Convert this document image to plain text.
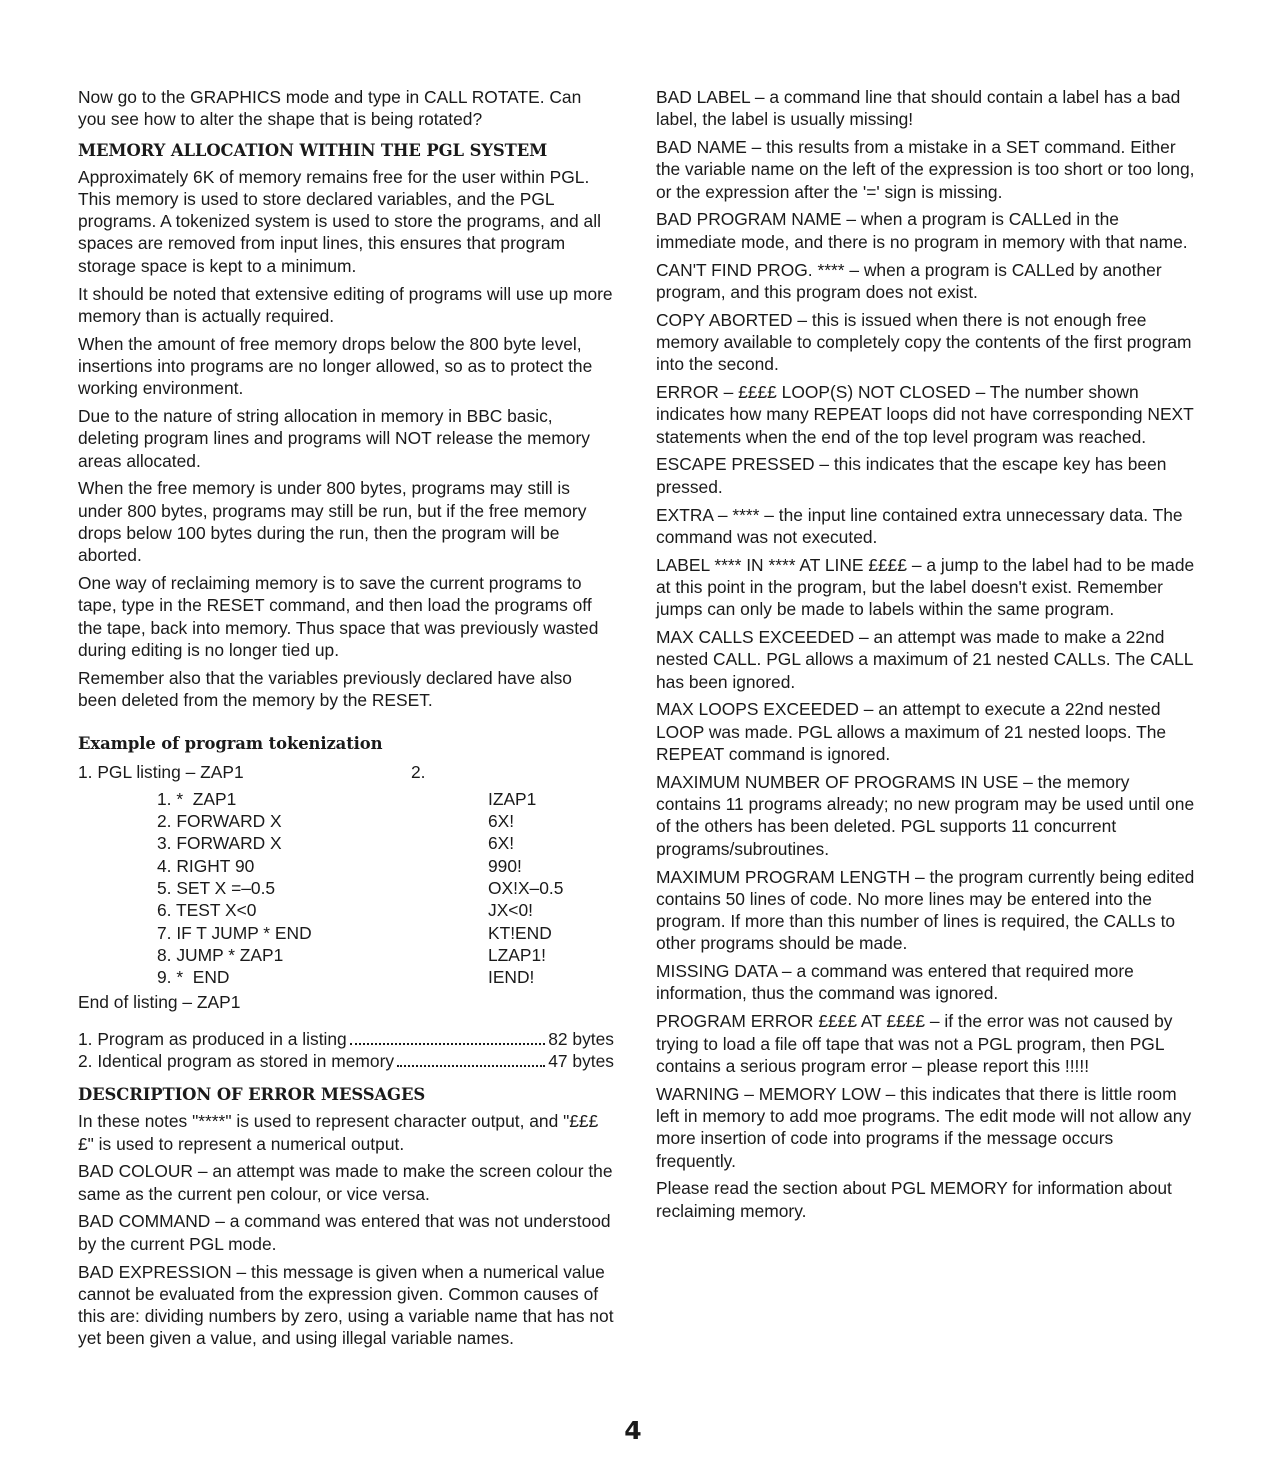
Now go to the GRAPHICS mode and type in CALL ROTATE. Can you see how to alter the shape that is being rotated?

MEMORY ALLOCATION WITHIN THE PGL SYSTEM

Approximately 6K of memory remains free for the user within PGL. This memory is used to store declared variables, and the PGL programs. A tokenized system is used to store the programs, and all spaces are removed from input lines, this ensures that program storage space is kept to a minimum.

It should be noted that extensive editing of programs will use up more memory than is actually required.

When the amount of free memory drops below the 800 byte level, insertions into programs are no longer allowed, so as to protect the working environment.

Due to the nature of string allocation in memory in BBC basic, deleting program lines and programs will NOT release the memory areas allocated.

When the free memory is under 800 bytes, programs may still is under 800 bytes, programs may still be run, but if the free memory drops below 100 bytes during the run, then the program will be aborted.

One way of reclaiming memory is to save the current programs to tape, type in the RESET command, and then load the programs off the tape, back into memory. Thus space that was previously wasted during editing is no longer tied up.

Remember also that the variables previously declared have also been deleted from the memory by the RESET.

Example of program tokenization
1. PGL listing – ZAP1	2.
1. *  ZAP1	IZAP1
2. FORWARD X	6X!
3. FORWARD X	6X!
4. RIGHT 90	990!
5. SET X =–0.5	OX!X–0.5
6. TEST X<0	JX<0!
7. IF T JUMP * END	KT!END
8. JUMP * ZAP1	LZAP1!
9. *  END	IEND!

End of listing – ZAP1

1. Program as produced in a listing	82 bytes
2. Identical program as stored in memory	47 bytes
DESCRIPTION OF ERROR MESSAGES

In these notes "****" is used to represent character output, and "££££" is used to represent a numerical output.

BAD COLOUR – an attempt was made to make the screen colour the same as the current pen colour, or vice versa.

BAD COMMAND – a command was entered that was not understood by the current PGL mode.

BAD EXPRESSION – this message is given when a numerical value cannot be evaluated from the expression given. Common causes of this are: dividing numbers by zero, using a variable name that has not yet been given a value, and using illegal variable names.

BAD LABEL – a command line that should contain a label has a bad label, the label is usually missing!

BAD NAME – this results from a mistake in a SET command. Either the variable name on the left of the expression is too short or too long, or the expression after the '=' sign is missing.

BAD PROGRAM NAME – when a program is CALLed in the immediate mode, and there is no program in memory with that name.

CAN'T FIND PROG. **** – when a program is CALLed by another program, and this program does not exist.

COPY ABORTED – this is issued when there is not enough free memory available to completely copy the contents of the first program into the second.

ERROR – ££££ LOOP(S) NOT CLOSED – The number shown indicates how many REPEAT loops did not have corresponding NEXT statements when the end of the top level program was reached.

ESCAPE PRESSED – this indicates that the escape key has been pressed.

EXTRA – **** – the input line contained extra unnecessary data. The command was not executed.

LABEL **** IN **** AT LINE ££££ – a jump to the label had to be made at this point in the program, but the label doesn't exist. Remember jumps can only be made to labels within the same program.

MAX CALLS EXCEEDED – an attempt was made to make a 22nd nested CALL. PGL allows a maximum of 21 nested CALLs. The CALL has been ignored.

MAX LOOPS EXCEEDED – an attempt to execute a 22nd nested LOOP was made. PGL allows a maximum of 21 nested loops. The REPEAT command is ignored.

MAXIMUM NUMBER OF PROGRAMS IN USE – the memory contains 11 programs already; no new program may be used until one of the others has been deleted. PGL supports 11 concurrent programs/subroutines.

MAXIMUM PROGRAM LENGTH – the program currently being edited contains 50 lines of code. No more lines may be entered into the program. If more than this number of lines is required, the CALLs to other programs should be made.

MISSING DATA – a command was entered that required more information, thus the command was ignored.

PROGRAM ERROR ££££ AT ££££ – if the error was not caused by trying to load a file off tape that was not a PGL program, then PGL contains a serious program error – please report this !!!!!

WARNING – MEMORY LOW – this indicates that there is little room left in memory to add moe programs. The edit mode will not allow any more insertion of code into programs if the message occurs frequently.

Please read the section about PGL MEMORY for information about reclaiming memory.

4
